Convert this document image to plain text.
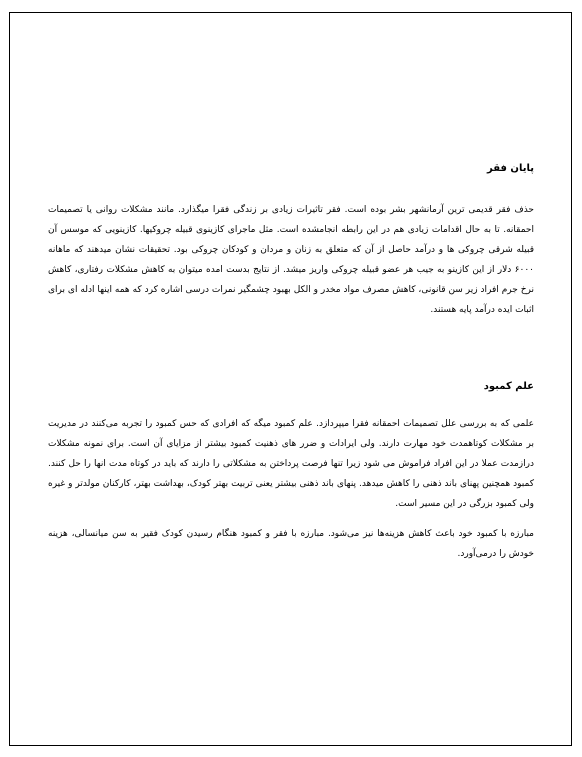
پایان فقر

حذف فقر قدیمی ترین آرمانشهر بشر بوده است. فقر تاثیرات زیادی بر زندگی فقرا میگذارد. مانند مشکلات روانی یا تصمیمات احمقانه. تا به حال اقدامات زیادی هم در این رابطه انجامشده است. مثل ماجرای کازینوی قبیله چروکیها. کازینویی که موسس آن قبیله شرقی چروکی ها و درآمد حاصل از آن که متعلق به زنان و مردان و کودکان چروکی بود. تحقیقات نشان میدهند که ماهانه ۶۰۰۰ دلار از این کازینو به جیب هر عضو قبیله چروکی واریز میشد. از نتایج بدست امده میتوان به کاهش مشکلات رفتاری، کاهش نرخ جرم افراد زیر سن قانونی، کاهش مصرف مواد مخدر و الکل بهبود چشمگیر نمرات درسی اشاره کرد که همه اینها ادله ای برای اثبات ایده درآمد پایه هستند.

علم کمبود

علمی که به بررسی علل تصمیمات احمقانه فقرا میپردازد. علم کمبود میگه که افرادی که حس کمبود را تجربه می‌کنند در مدیریت بر مشکلات کوتاهمدت خود مهارت دارند. ولی ایرادات و ضرر های ذهنیت کمبود بیشتر از مزایای آن است. برای نمونه مشکلات درازمدت عملا در این افراد فراموش می شود زیرا تنها فرصت پرداختن به مشکلاتی را دارند که باید در کوتاه مدت انها را حل کنند. کمبود همچنین پهنای باند ذهنی را کاهش میدهد. پنهای باند ذهنی بیشتر یعنی تربیت بهتر کودک، بهداشت بهتر، کارکنان مولدتر و غیره ولی کمبود بزرگی در این مسیر است.

مبارزه با کمبود خود باعث کاهش هزینه‌ها نیز می‌شود. مبارزه با فقر و کمبود هنگام رسیدن کودک فقیر به سن میانسالی، هزینه خودش را درمی‌آورد.
